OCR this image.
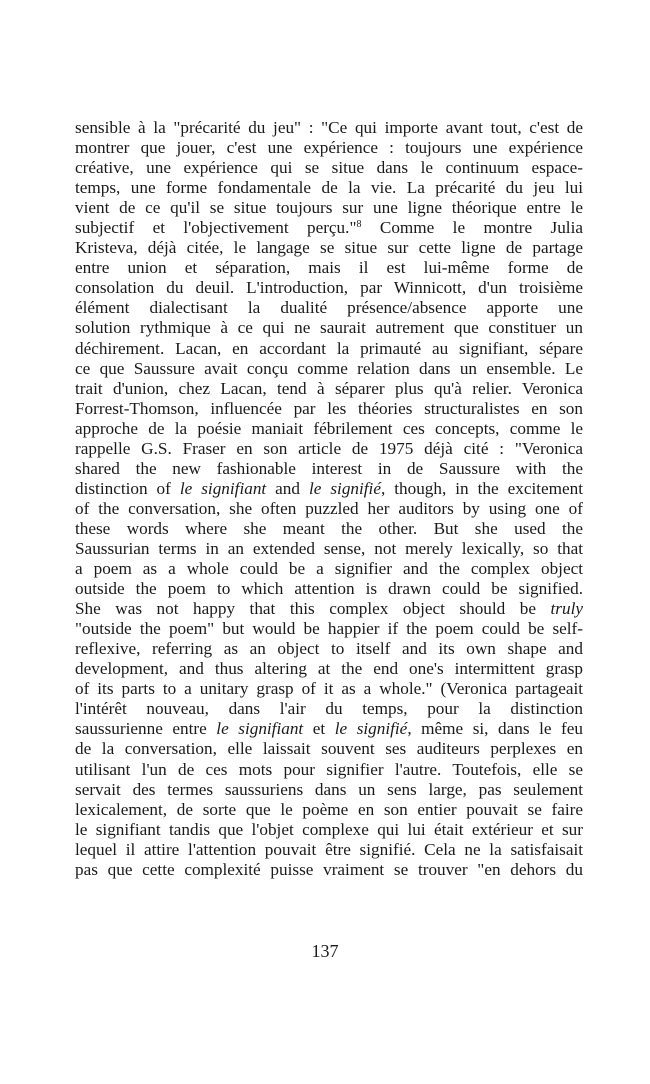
sensible à la "précarité du jeu" : "Ce qui importe avant tout, c'est de
montrer que jouer, c'est une expérience : toujours une expérience
créative, une expérience qui se situe dans le continuum espace-
temps, une forme fondamentale de la vie. La précarité du jeu lui
vient de ce qu'il se situe toujours sur une ligne théorique entre le
subjectif et l'objectivement perçu."$^8$ Comme le montre Julia
Kristeva, déjà citée, le langage se situe sur cette ligne de partage
entre union et séparation, mais il est lui-même forme de
consolation du deuil. L'introduction, par Winnicott, d'un troisième
élément dialectisant la dualité présence/absence apporte une
solution rythmique à ce qui ne saurait autrement que constituer un
déchirement. Lacan, en accordant la primauté au signifiant, sépare
ce que Saussure avait conçu comme relation dans un ensemble. Le
trait d'union, chez Lacan, tend à séparer plus qu'à relier. Veronica
Forrest-Thomson, influencée par les théories structuralistes en son
approche de la poésie maniait fébrilement ces concepts, comme le
rappelle G.S. Fraser en son article de 1975 déjà cité : "Veronica
shared the new fashionable interest in de Saussure with the
distinction of le signifiant and le signifié, though, in the excitement
of the conversation, she often puzzled her auditors by using one of
these words where she meant the other. But she used the
Saussurian terms in an extended sense, not merely lexically, so that
a poem as a whole could be a signifier and the complex object
outside the poem to which attention is drawn could be signified.
She was not happy that this complex object should be truly
"outside the poem" but would be happier if the poem could be self-
reflexive, referring as an object to itself and its own shape and
development, and thus altering at the end one's intermittent grasp
of its parts to a unitary grasp of it as a whole." (Veronica partageait
l'intérêt nouveau, dans l'air du temps, pour la distinction
saussurienne entre le signifiant et le signifié, même si, dans le feu
de la conversation, elle laissait souvent ses auditeurs perplexes en
utilisant l'un de ces mots pour signifier l'autre. Toutefois, elle se
servait des termes saussuriens dans un sens large, pas seulement
lexicalement, de sorte que le poème en son entier pouvait se faire
le signifiant tandis que l'objet complexe qui lui était extérieur et sur
lequel il attire l'attention pouvait être signifié. Cela ne la satisfaisait
pas que cette complexité puisse vraiment se trouver "en dehors du
137
